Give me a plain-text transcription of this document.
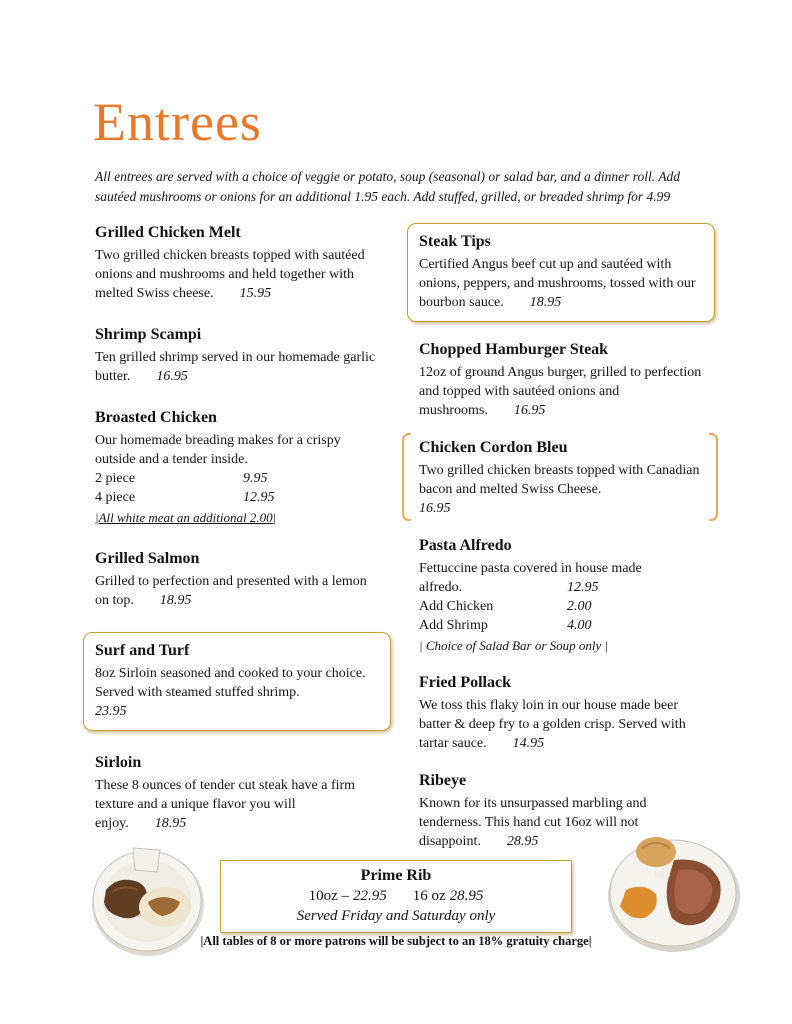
Entrees

All entrees are served with a choice of veggie or potato, soup (seasonal) or salad bar, and a dinner roll. Add sautéed mushrooms or onions for an additional 1.95 each. Add stuffed, grilled, or breaded shrimp for 4.99

Grilled Chicken Melt
Two grilled chicken breasts topped with sautéed onions and mushrooms and held together with melted Swiss cheese. 15.95
Shrimp Scampi
Ten grilled shrimp served in our homemade garlic butter. 16.95
Broasted Chicken
Our homemade breading makes for a crispy outside and a tender inside.
2 piece	9.95
4 piece	12.95
|All white meat an additional 2.00|
Grilled Salmon
Grilled to perfection and presented with a lemon on top. 18.95
Surf and Turf
8oz Sirloin seasoned and cooked to your choice. Served with steamed stuffed shrimp.
23.95
Sirloin
These 8 ounces of tender cut steak have a firm texture and a unique flavor you will enjoy. 18.95
Steak Tips
Certified Angus beef cut up and sautéed with onions, peppers, and mushrooms, tossed with our bourbon sauce. 18.95
Chopped Hamburger Steak
12oz of ground Angus burger, grilled to perfection and topped with sautéed onions and mushrooms. 16.95
Chicken Cordon Bleu
Two grilled chicken breasts topped with Canadian bacon and melted Swiss Cheese.
16.95
Pasta Alfredo
Fettuccine pasta covered in house made
alfredo.	12.95
Add Chicken	2.00
Add Shrimp	4.00
| Choice of Salad Bar or Soup only |
Fried Pollack
We toss this flaky loin in our house made beer batter & deep fry to a golden crisp. Served with tartar sauce. 14.95
Ribeye
Known for its unsurpassed marbling and tenderness. This hand cut 16oz will not disappoint. 28.95
Prime Rib
10oz – 22.95 16 oz 28.95
Served Friday and Saturday only
|All tables of 8 or more patrons will be subject to an 18% gratuity charge|
